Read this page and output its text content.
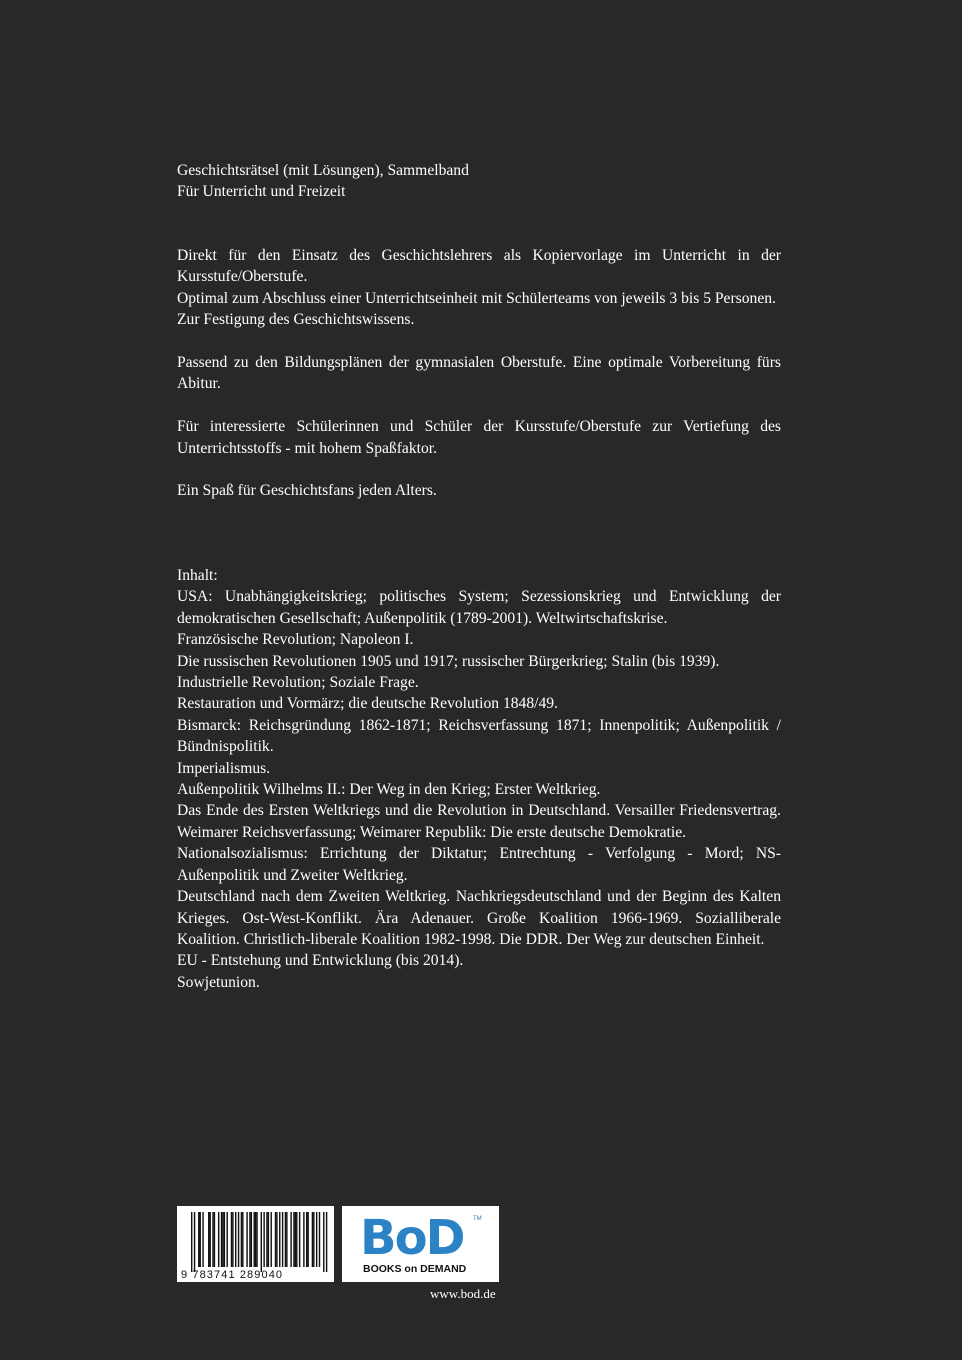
Geschichtsrätsel (mit Lösungen), Sammelband

Für Unterricht und Freizeit

Direkt für den Einsatz des Geschichtslehrers als Kopiervorlage im Unterricht in der Kursstufe/Oberstufe.

Optimal zum Abschluss einer Unterrichtseinheit mit Schülerteams von jeweils 3 bis 5 Personen.

Zur Festigung des Geschichtswissens.

Passend zu den Bildungsplänen der gymnasialen Oberstufe. Eine optimale Vorbereitung fürs Abitur.

Für interessierte Schülerinnen und Schüler der Kursstufe/Oberstufe zur Vertiefung des Unterrichtsstoffs - mit hohem Spaßfaktor.

Ein Spaß für Geschichtsfans jeden Alters.

Inhalt:

USA: Unabhängigkeitskrieg; politisches System; Sezessionskrieg und Entwicklung der demokratischen Gesellschaft; Außenpolitik (1789-2001). Weltwirtschaftskrise.

Französische Revolution; Napoleon I.

Die russischen Revolutionen 1905 und 1917; russischer Bürgerkrieg; Stalin (bis 1939).

Industrielle Revolution; Soziale Frage.

Restauration und Vormärz; die deutsche Revolution 1848/49.

Bismarck: Reichsgründung 1862-1871; Reichsverfassung 1871; Innenpolitik; Außenpolitik / Bündnispolitik.

Imperialismus.

Außenpolitik Wilhelms II.: Der Weg in den Krieg; Erster Weltkrieg.

Das Ende des Ersten Weltkriegs und die Revolution in Deutschland. Versailler Friedensvertrag. Weimarer Reichsverfassung; Weimarer Republik: Die erste deutsche Demokratie.

Nationalsozialismus: Errichtung der Diktatur; Entrechtung - Verfolgung - Mord; NS-Außenpolitik und Zweiter Weltkrieg.

Deutschland nach dem Zweiten Weltkrieg. Nachkriegsdeutschland und der Beginn des Kalten Krieges. Ost-West-Konflikt. Ära Adenauer. Große Koalition 1966-1969. Sozialliberale Koalition. Christlich-liberale Koalition 1982-1998. Die DDR. Der Weg zur deutschen Einheit.

EU - Entstehung und Entwicklung (bis 2014).

Sowjetunion.

9 783741 289040
BoD TM
BOOKS on DEMAND
www.bod.de
